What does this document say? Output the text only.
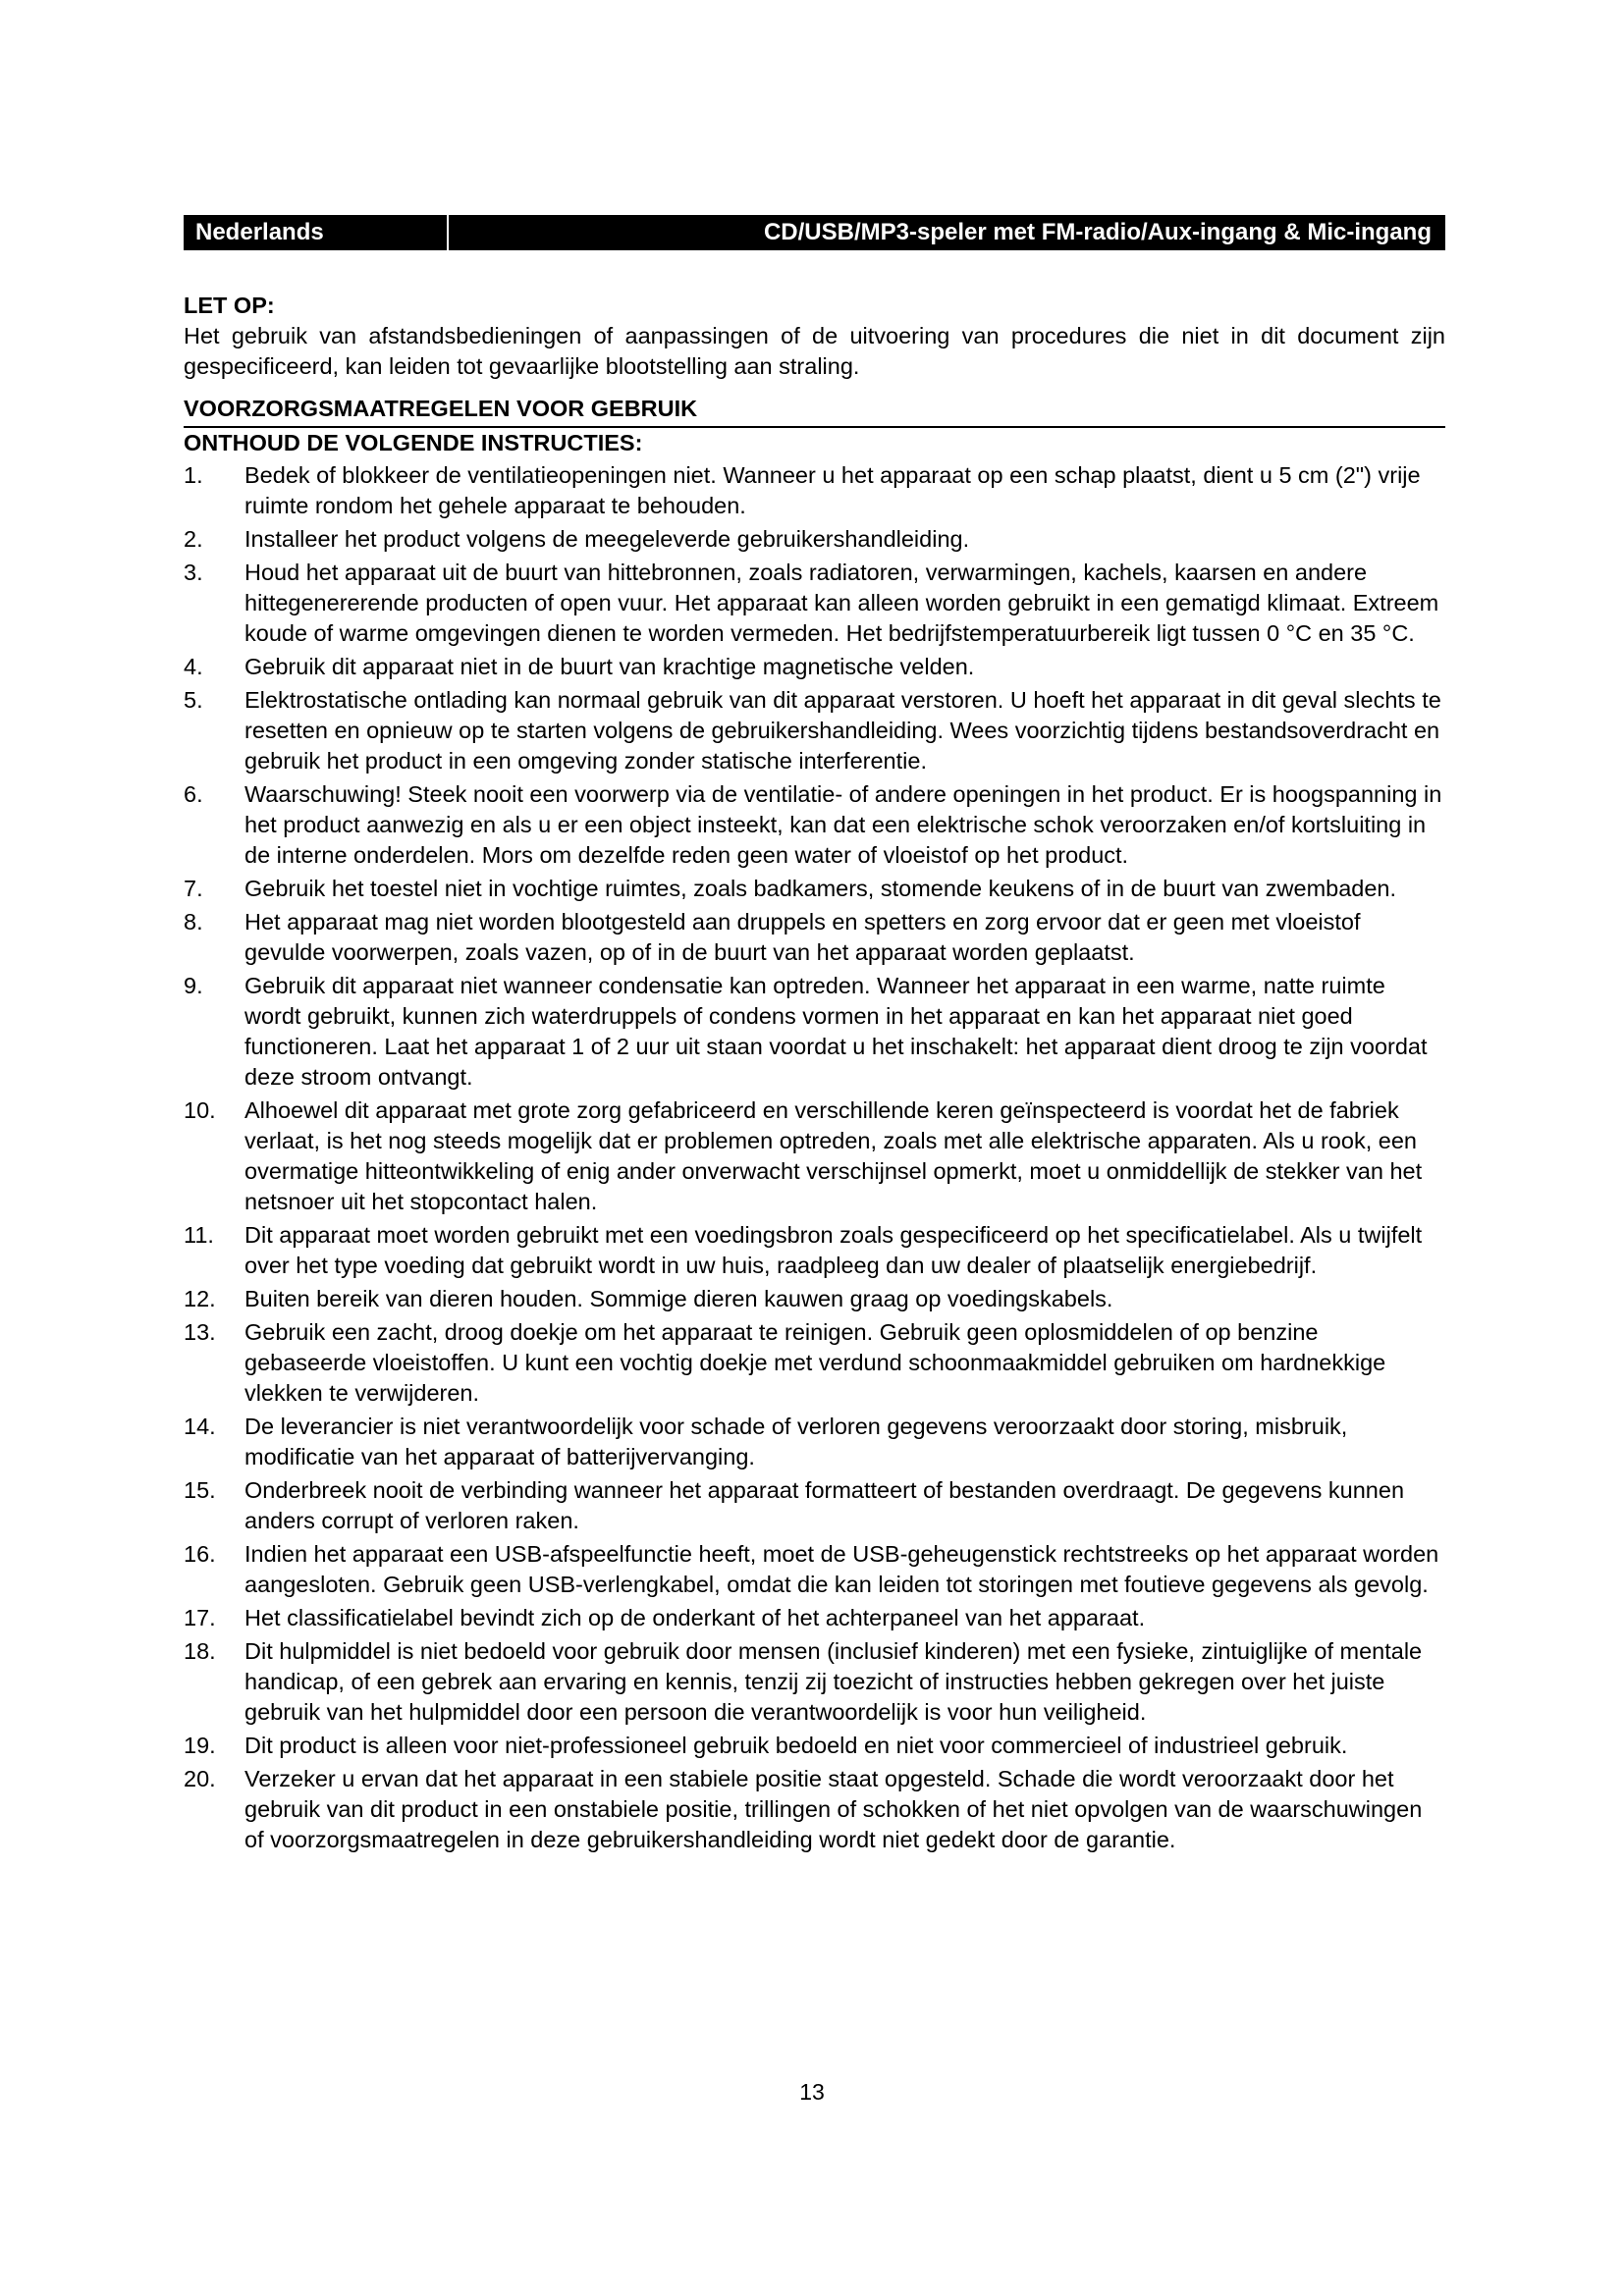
Nederlands	CD/USB/MP3-speler met FM-radio/Aux-ingang & Mic-ingang

LET OP:

Het gebruik van afstandsbedieningen of aanpassingen of de uitvoering van procedures die niet in dit document zijn gespecificeerd, kan leiden tot gevaarlijke blootstelling aan straling.

VOORZORGSMAATREGELEN VOOR GEBRUIK

ONTHOUD DE VOLGENDE INSTRUCTIES:

1.	Bedek of blokkeer de ventilatieopeningen niet. Wanneer u het apparaat op een schap plaatst, dient u 5 cm (2") vrije ruimte rondom het gehele apparaat te behouden.
2.	Installeer het product volgens de meegeleverde gebruikershandleiding.
3.	Houd het apparaat uit de buurt van hittebronnen, zoals radiatoren, verwarmingen, kachels, kaarsen en andere hittegenererende producten of open vuur. Het apparaat kan alleen worden gebruikt in een gematigd klimaat. Extreem koude of warme omgevingen dienen te worden vermeden. Het bedrijfstemperatuurbereik ligt tussen 0 °C en 35 °C.
4.	Gebruik dit apparaat niet in de buurt van krachtige magnetische velden.
5.	Elektrostatische ontlading kan normaal gebruik van dit apparaat verstoren. U hoeft het apparaat in dit geval slechts te resetten en opnieuw op te starten volgens de gebruikershandleiding. Wees voorzichtig tijdens bestandsoverdracht en gebruik het product in een omgeving zonder statische interferentie.
6.	Waarschuwing! Steek nooit een voorwerp via de ventilatie- of andere openingen in het product. Er is hoogspanning in het product aanwezig en als u er een object insteekt, kan dat een elektrische schok veroorzaken en/of kortsluiting in de interne onderdelen. Mors om dezelfde reden geen water of vloeistof op het product.
7.	Gebruik het toestel niet in vochtige ruimtes, zoals badkamers, stomende keukens of in de buurt van zwembaden.
8.	Het apparaat mag niet worden blootgesteld aan druppels en spetters en zorg ervoor dat er geen met vloeistof gevulde voorwerpen, zoals vazen, op of in de buurt van het apparaat worden geplaatst.
9.	Gebruik dit apparaat niet wanneer condensatie kan optreden. Wanneer het apparaat in een warme, natte ruimte wordt gebruikt, kunnen zich waterdruppels of condens vormen in het apparaat en kan het apparaat niet goed functioneren. Laat het apparaat 1 of 2 uur uit staan voordat u het inschakelt: het apparaat dient droog te zijn voordat deze stroom ontvangt.
10.	Alhoewel dit apparaat met grote zorg gefabriceerd en verschillende keren geïnspecteerd is voordat het de fabriek verlaat, is het nog steeds mogelijk dat er problemen optreden, zoals met alle elektrische apparaten. Als u rook, een overmatige hitteontwikkeling of enig ander onverwacht verschijnsel opmerkt, moet u onmiddellijk de stekker van het netsnoer uit het stopcontact halen.
11.	Dit apparaat moet worden gebruikt met een voedingsbron zoals gespecificeerd op het specificatielabel. Als u twijfelt over het type voeding dat gebruikt wordt in uw huis, raadpleeg dan uw dealer of plaatselijk energiebedrijf.
12.	Buiten bereik van dieren houden. Sommige dieren kauwen graag op voedingskabels.
13.	Gebruik een zacht, droog doekje om het apparaat te reinigen. Gebruik geen oplosmiddelen of op benzine gebaseerde vloeistoffen. U kunt een vochtig doekje met verdund schoonmaakmiddel gebruiken om hardnekkige vlekken te verwijderen.
14.	De leverancier is niet verantwoordelijk voor schade of verloren gegevens veroorzaakt door storing, misbruik, modificatie van het apparaat of batterijvervanging.
15.	Onderbreek nooit de verbinding wanneer het apparaat formatteert of bestanden overdraagt. De gegevens kunnen anders corrupt of verloren raken.
16.	Indien het apparaat een USB-afspeelfunctie heeft, moet de USB-geheugenstick rechtstreeks op het apparaat worden aangesloten. Gebruik geen USB-verlengkabel, omdat die kan leiden tot storingen met foutieve gegevens als gevolg.
17.	Het classificatielabel bevindt zich op de onderkant of het achterpaneel van het apparaat.
18.	Dit hulpmiddel is niet bedoeld voor gebruik door mensen (inclusief kinderen) met een fysieke, zintuiglijke of mentale handicap, of een gebrek aan ervaring en kennis, tenzij zij toezicht of instructies hebben gekregen over het juiste gebruik van het hulpmiddel door een persoon die verantwoordelijk is voor hun veiligheid.
19.	Dit product is alleen voor niet-professioneel gebruik bedoeld en niet voor commercieel of industrieel gebruik.
20.	Verzeker u ervan dat het apparaat in een stabiele positie staat opgesteld. Schade die wordt veroorzaakt door het gebruik van dit product in een onstabiele positie, trillingen of schokken of het niet opvolgen van de waarschuwingen of voorzorgsmaatregelen in deze gebruikershandleiding wordt niet gedekt door de garantie.
13
